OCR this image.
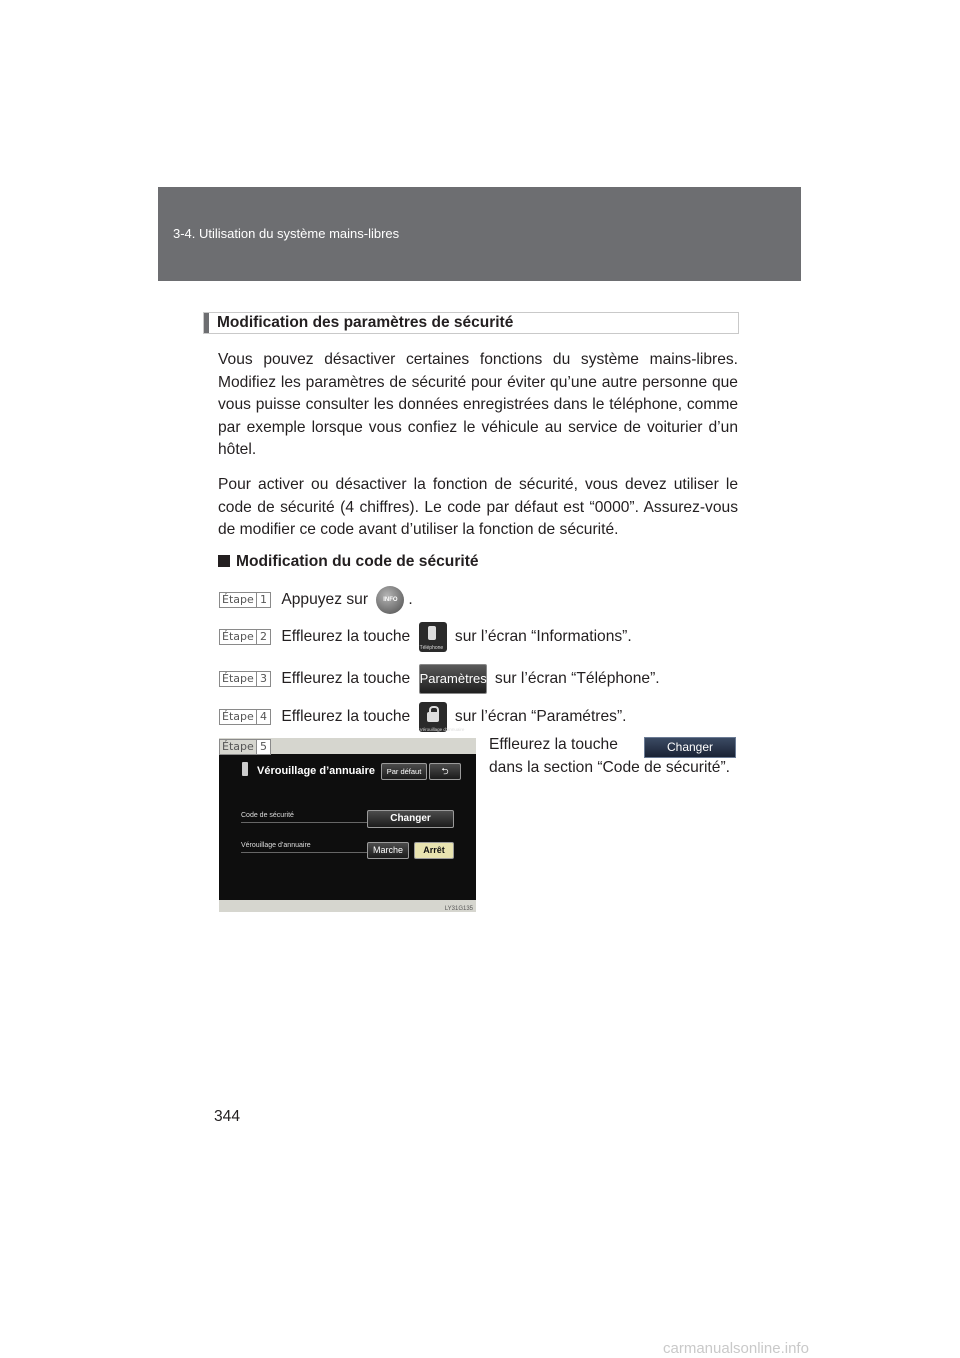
3-4. Utilisation du système mains-libres
Modification des paramètres de sécurité
Vous pouvez désactiver certaines fonctions du système mains-libres. Modifiez les paramètres de sécurité pour éviter qu’une autre personne que vous puisse consulter les données enregistrées dans le téléphone, comme par exemple lorsque vous confiez le véhicule au service de voiturier d’un hôtel.
Pour activer ou désactiver la fonction de sécurité, vous devez utiliser le code de sécurité (4 chiffres). Le code par défaut est “0000”. Assurez-vous de modifier ce code avant d’utiliser la fonction de sécurité.
Modification du code de sécurité
Étape 1 Appuyez sur	INFO .
Étape 2 Effleurez la touche
Téléphone
sur l’écran “Informations”.
Étape 3 Effleurez la touche Paramètres sur l’écran “Téléphone”.
Étape 4 Effleurez la touche
Vérouillage d’annuaire
sur l’écran “Paramétres”.
Vérouillage d’annuaire	Par défaut	⮌
Code de sécurité	Changer
Vérouillage d’annuaire	Marche	Arrêt
LY31G135
Étape 5	Effleurez la touche
dans la section “Code de sécurité”.
Changer
344
carmanualsonline.info
